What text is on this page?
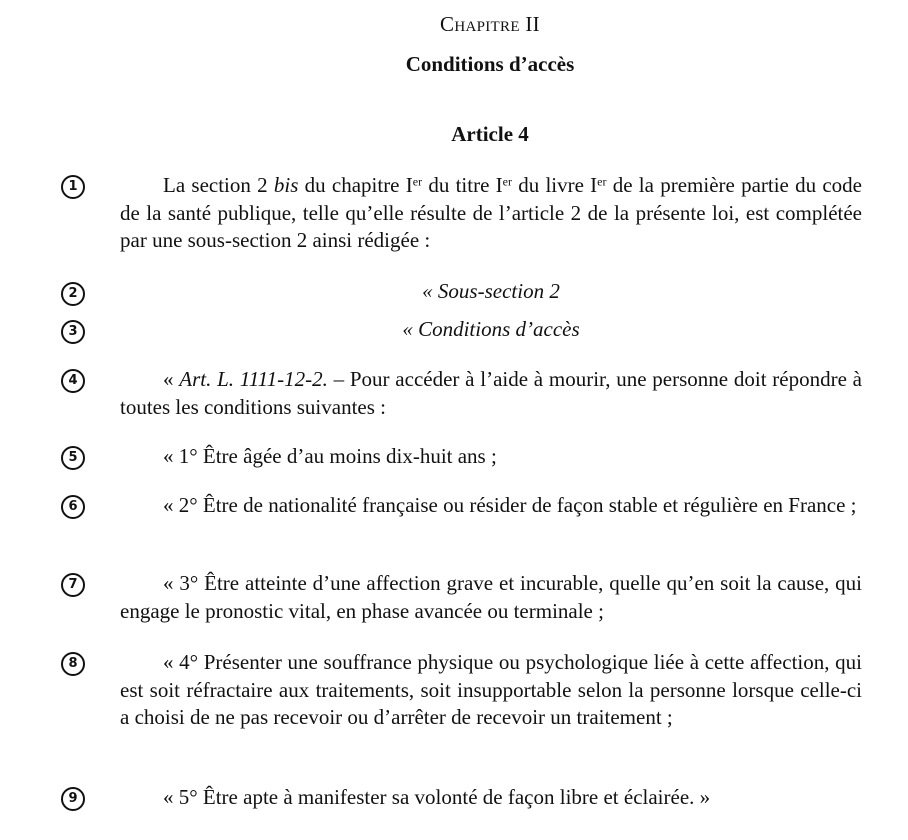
Chapitre II
Conditions d’accès
Article 4
1	La section 2 bis du chapitre Ier du titre Ier du livre Ier de la première partie du code de la santé publique, telle qu’elle résulte de l’article 2 de la présente loi, est complétée par une sous-section 2 ainsi rédigée :
2	« Sous-section 2
3	« Conditions d’accès
4	« Art. L. 1111-12-2. – Pour accéder à l’aide à mourir, une personne doit répondre à toutes les conditions suivantes :
5	« 1° Être âgée d’au moins dix-huit ans ;
6	« 2° Être de nationalité française ou résider de façon stable et régulière en France ;
7	« 3° Être atteinte d’une affection grave et incurable, quelle qu’en soit la cause, qui engage le pronostic vital, en phase avancée ou terminale ;
8	« 4° Présenter une souffrance physique ou psychologique liée à cette affection, qui est soit réfractaire aux traitements, soit insupportable selon la personne lorsque celle-ci a choisi de ne pas recevoir ou d’arrêter de recevoir un traitement ;
9	« 5° Être apte à manifester sa volonté de façon libre et éclairée. »
